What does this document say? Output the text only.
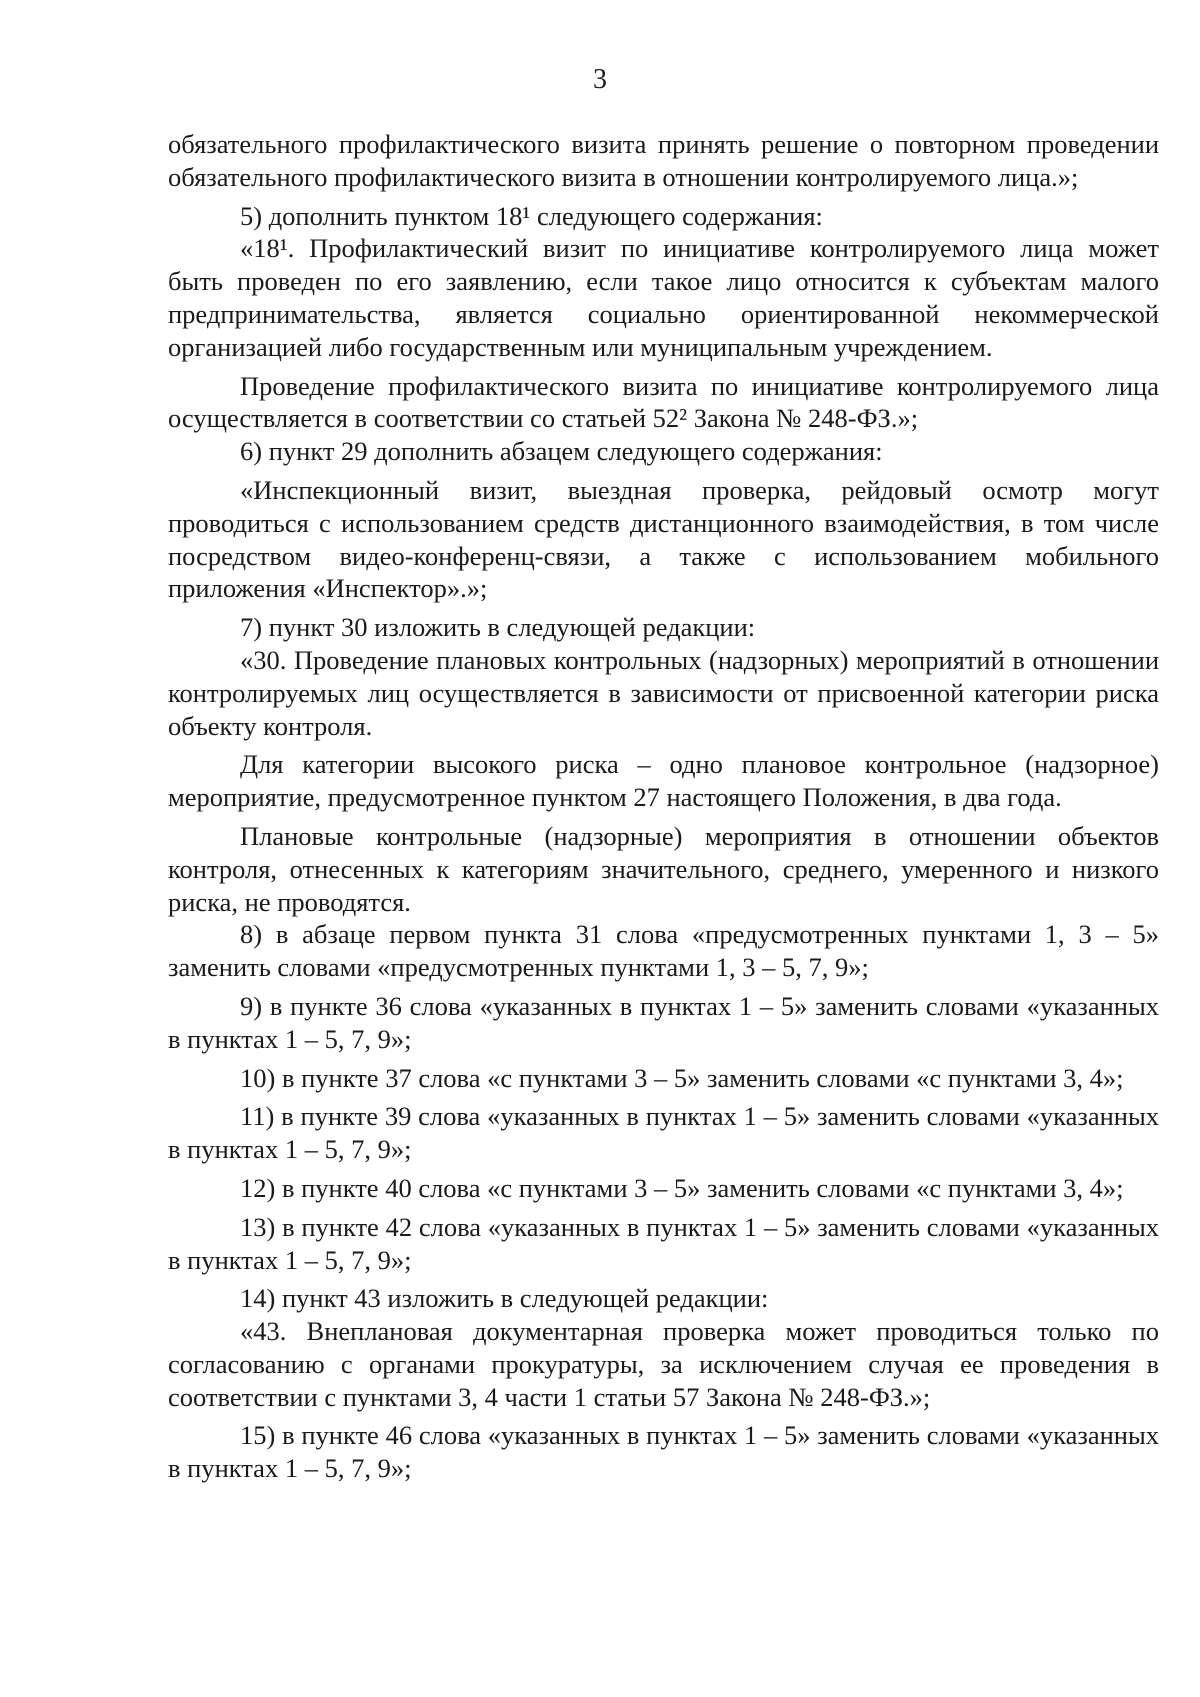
3

обязательного профилактического визита принять решение о повторном проведении обязательного профилактического визита в отношении контролируемого лица.»;

5) дополнить пунктом 18¹ следующего содержания:

«18¹. Профилактический визит по инициативе контролируемого лица может быть проведен по его заявлению, если такое лицо относится к субъектам малого предпринимательства, является социально ориентированной некоммерческой организацией либо государственным или муниципальным учреждением.

Проведение профилактического визита по инициативе контролируемого лица осуществляется в соответствии со статьей 52² Закона № 248-ФЗ.»;

6) пункт 29 дополнить абзацем следующего содержания:

«Инспекционный визит, выездная проверка, рейдовый осмотр могут проводиться с использованием средств дистанционного взаимодействия, в том числе посредством видео-конференц-связи, а также с использованием мобильного приложения «Инспектор».»;

7) пункт 30 изложить в следующей редакции:

«30. Проведение плановых контрольных (надзорных) мероприятий в отношении контролируемых лиц осуществляется в зависимости от присвоенной категории риска объекту контроля.

Для категории высокого риска – одно плановое контрольное (надзорное) мероприятие, предусмотренное пунктом 27 настоящего Положения, в два года.

Плановые контрольные (надзорные) мероприятия в отношении объектов контроля, отнесенных к категориям значительного, среднего, умеренного и низкого риска, не проводятся.

8) в абзаце первом пункта 31 слова «предусмотренных пунктами 1, 3 – 5» заменить словами «предусмотренных пунктами 1, 3 – 5, 7, 9»;

9) в пункте 36 слова «указанных в пунктах 1 – 5» заменить словами «указанных в пунктах 1 – 5, 7, 9»;

10) в пункте 37 слова «с пунктами 3 – 5» заменить словами «с пунктами 3, 4»;

11) в пункте 39 слова «указанных в пунктах 1 – 5» заменить словами «указанных в пунктах 1 – 5, 7, 9»;

12) в пункте 40 слова «с пунктами 3 – 5» заменить словами «с пунктами 3, 4»;

13) в пункте 42 слова «указанных в пунктах 1 – 5» заменить словами «указанных в пунктах 1 – 5, 7, 9»;

14) пункт 43 изложить в следующей редакции:

«43. Внеплановая документарная проверка может проводиться только по согласованию с органами прокуратуры, за исключением случая ее проведения в соответствии с пунктами 3, 4 части 1 статьи 57 Закона № 248-ФЗ.»;

15) в пункте 46 слова «указанных в пунктах 1 – 5» заменить словами «указанных в пунктах 1 – 5, 7, 9»;
